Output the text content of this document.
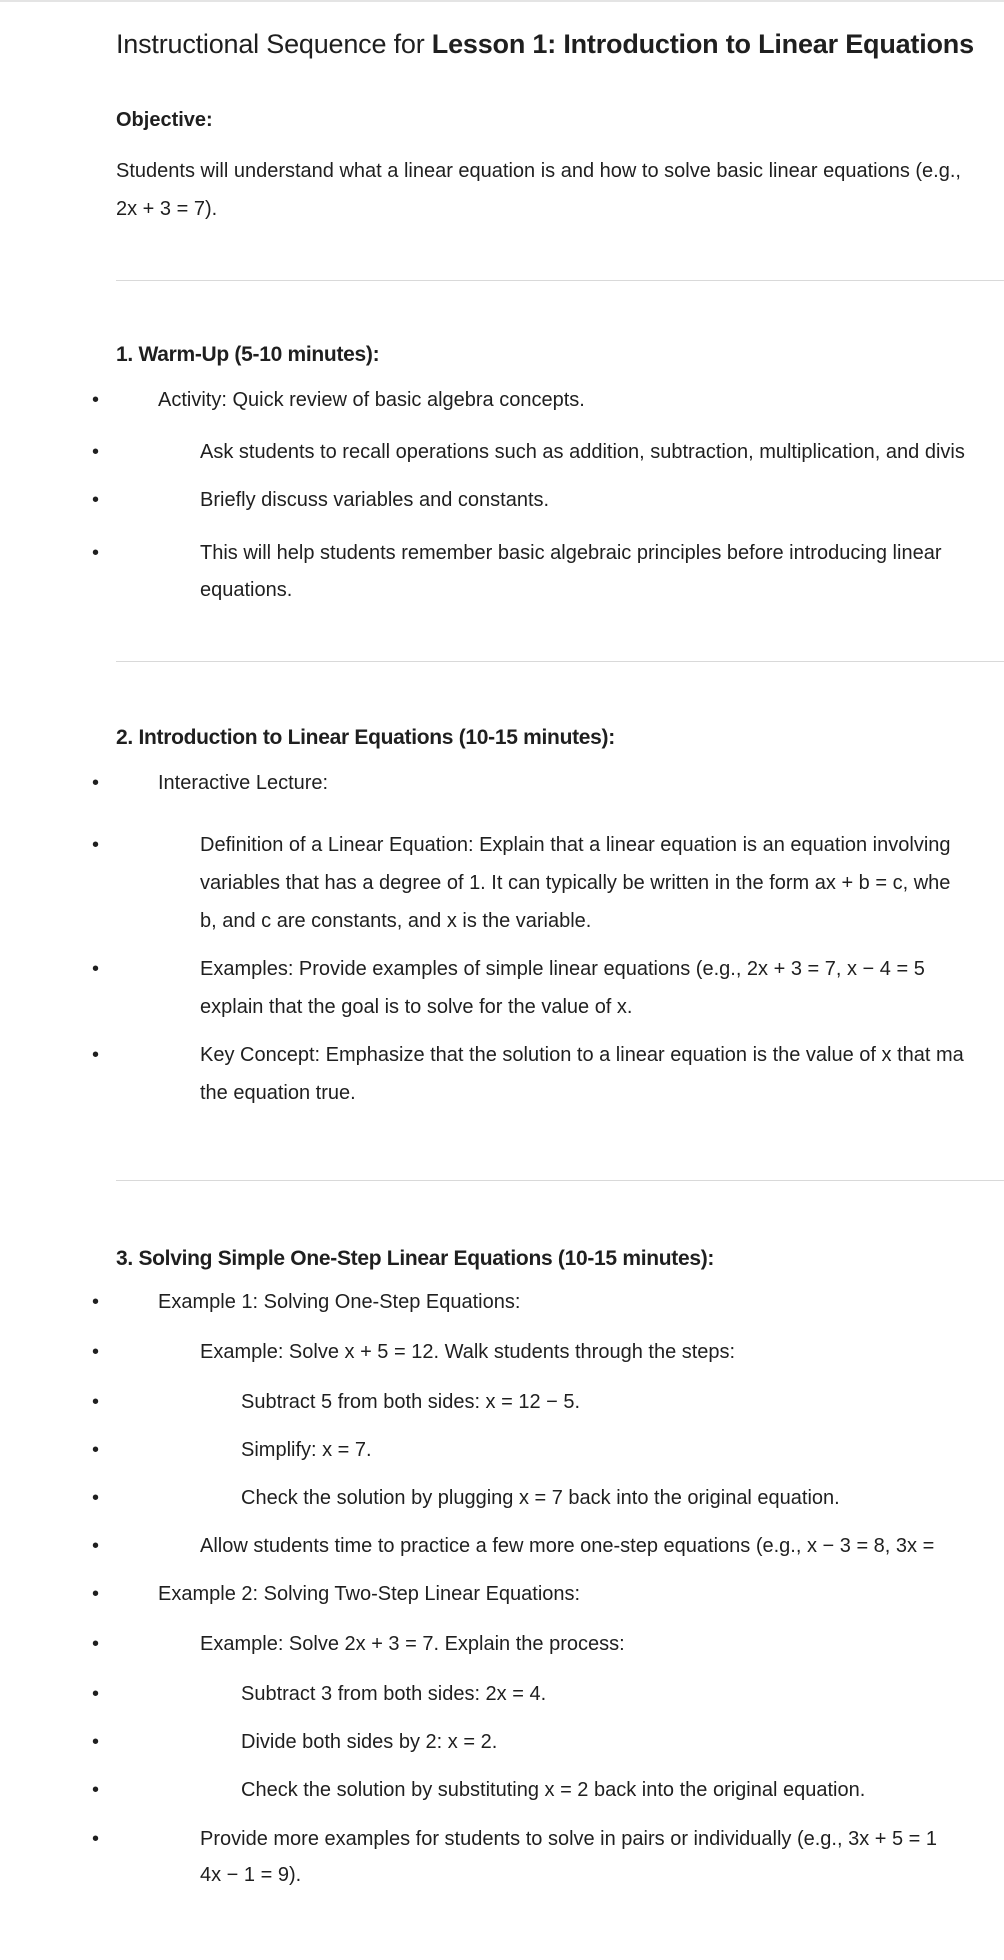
Instructional Sequence for Lesson 1: Introduction to Linear Equations
Objective:
Students will understand what a linear equation is and how to solve basic linear equations (e.g.,
2x + 3 = 7).
1. Warm-Up (5-10 minutes):
• Activity: Quick review of basic algebra concepts.
• Ask students to recall operations such as addition, subtraction, multiplication, and divis
• Briefly discuss variables and constants.
• This will help students remember basic algebraic principles before introducing linear
equations.
2. Introduction to Linear Equations (10-15 minutes):
• Interactive Lecture:
• Definition of a Linear Equation: Explain that a linear equation is an equation involving
variables that has a degree of 1. It can typically be written in the form ax + b = c, whe
b, and c are constants, and x is the variable.
• Examples: Provide examples of simple linear equations (e.g., 2x + 3 = 7, x − 4 = 5
explain that the goal is to solve for the value of x.
• Key Concept: Emphasize that the solution to a linear equation is the value of x that ma
the equation true.
3. Solving Simple One-Step Linear Equations (10-15 minutes):
• Example 1: Solving One-Step Equations:
• Example: Solve x + 5 = 12. Walk students through the steps:
• Subtract 5 from both sides: x = 12 − 5.
• Simplify: x = 7.
• Check the solution by plugging x = 7 back into the original equation.
• Allow students time to practice a few more one-step equations (e.g., x − 3 = 8, 3x =
• Example 2: Solving Two-Step Linear Equations:
• Example: Solve 2x + 3 = 7. Explain the process:
• Subtract 3 from both sides: 2x = 4.
• Divide both sides by 2: x = 2.
• Check the solution by substituting x = 2 back into the original equation.
• Provide more examples for students to solve in pairs or individually (e.g., 3x + 5 = 1
4x − 1 = 9).
